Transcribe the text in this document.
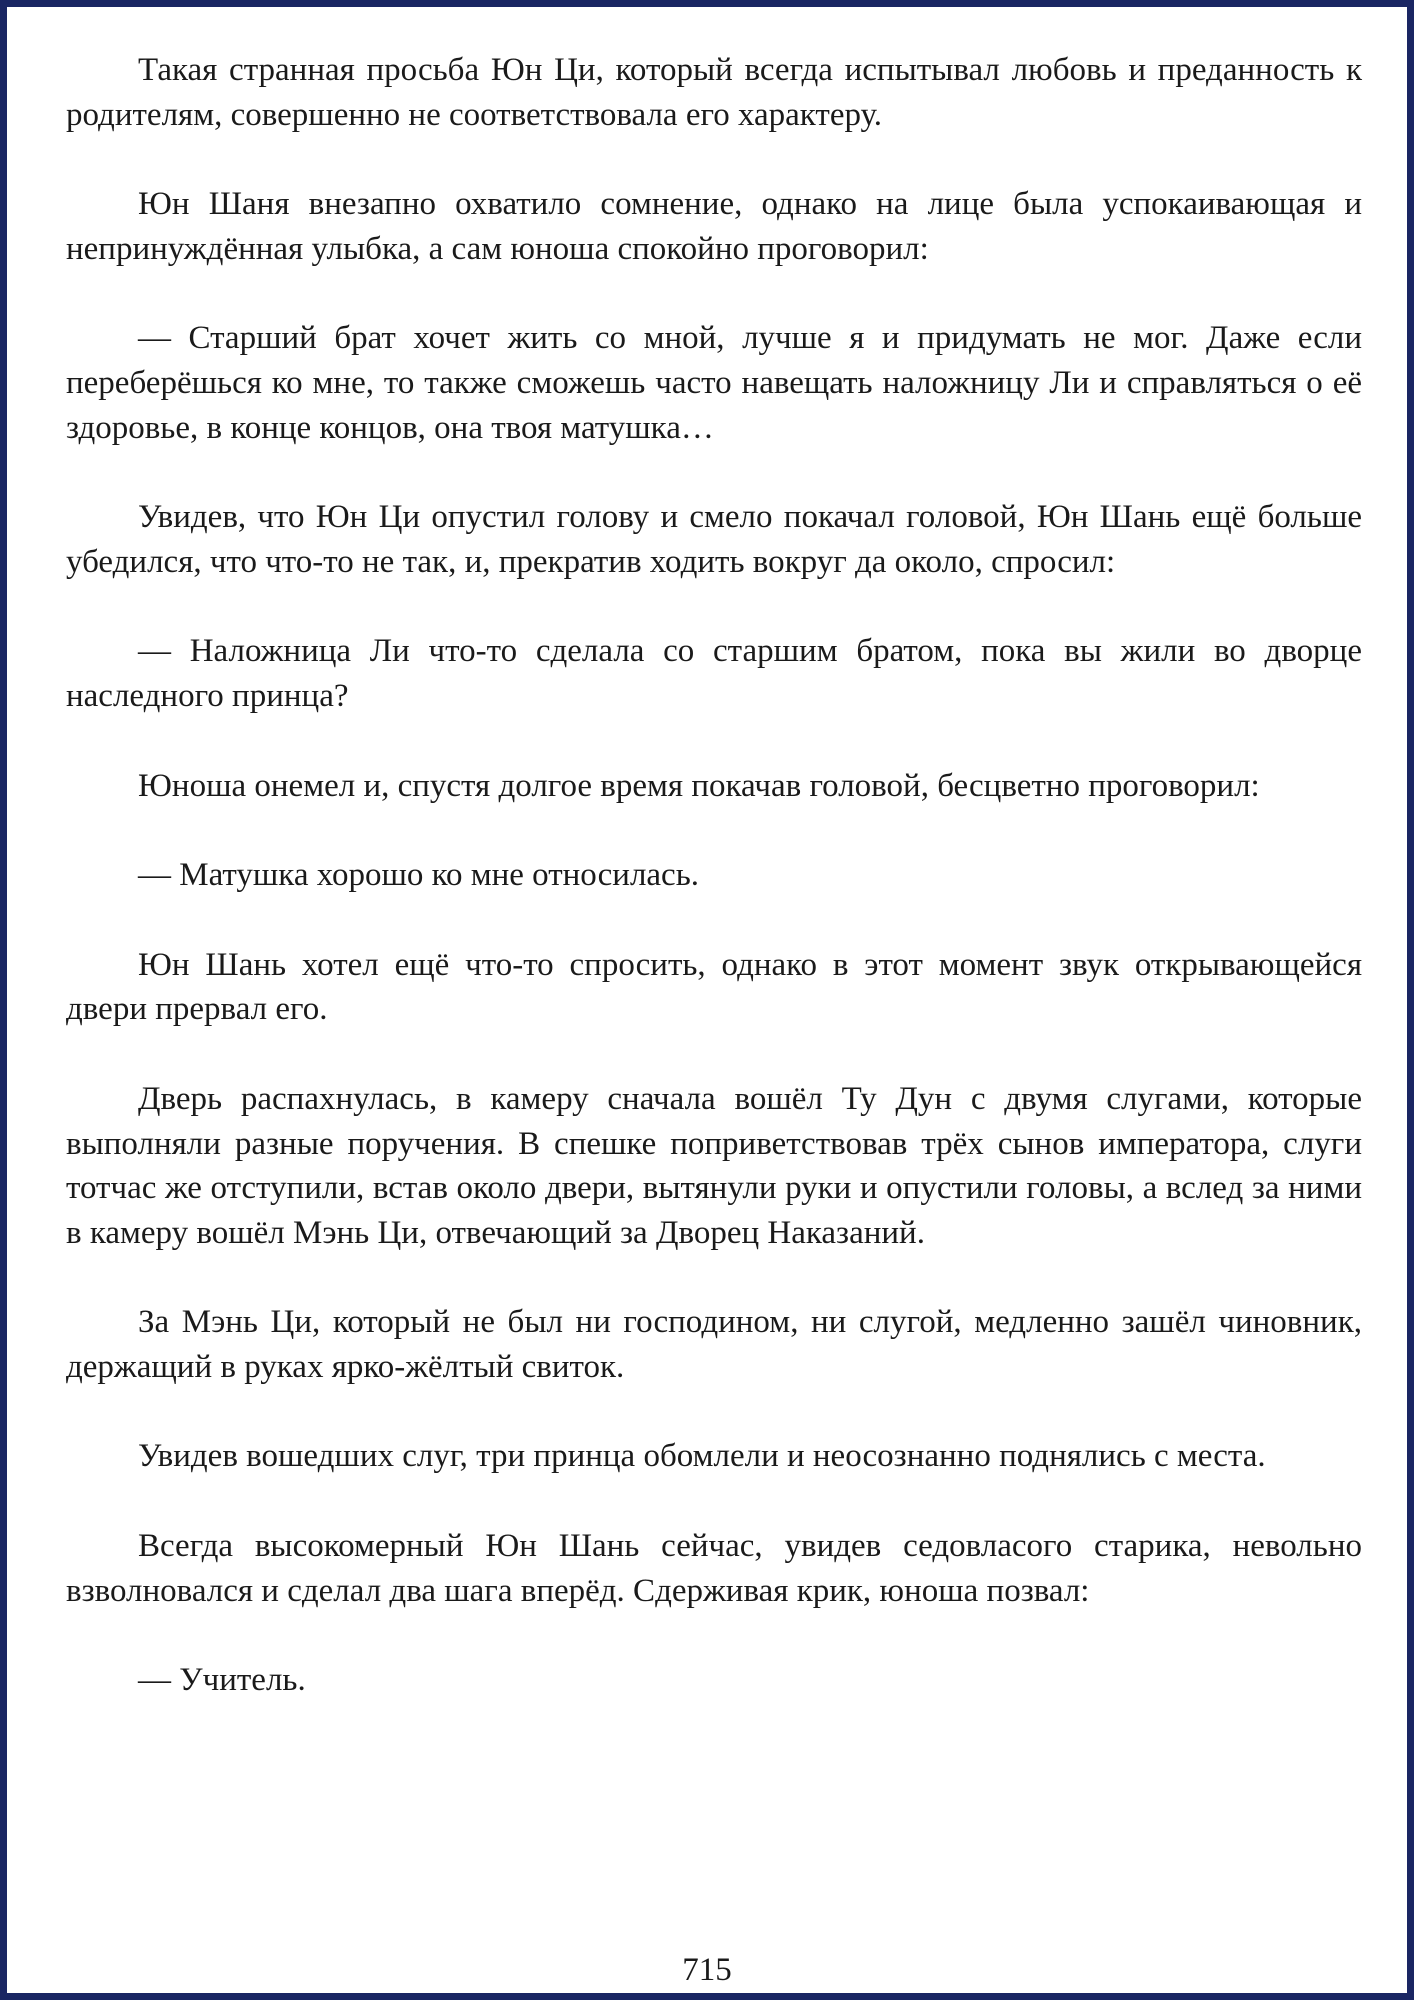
Такая странная просьба Юн Ци, который всегда испытывал любовь и преданность к родителям, совершенно не соответствовала его характеру.

Юн Шаня внезапно охватило сомнение, однако на лице была успокаивающая и непринуждённая улыбка, а сам юноша спокойно проговорил:

— Старший брат хочет жить со мной, лучше я и придумать не мог. Даже если переберёшься ко мне, то также сможешь часто навещать наложницу Ли и справляться о её здоровье, в конце концов, она твоя матушка…

Увидев, что Юн Ци опустил голову и смело покачал головой, Юн Шань ещё больше убедился, что что-то не так, и, прекратив ходить вокруг да около, спросил:

— Наложница Ли что-то сделала со старшим братом, пока вы жили во дворце наследного принца?

Юноша онемел и, спустя долгое время покачав головой, бесцветно проговорил:

— Матушка хорошо ко мне относилась.

Юн Шань хотел ещё что-то спросить, однако в этот момент звук открывающейся двери прервал его.

Дверь распахнулась, в камеру сначала вошёл Ту Дун с двумя слугами, которые выполняли разные поручения. В спешке поприветствовав трёх сынов императора, слуги тотчас же отступили, встав около двери, вытянули руки и опустили головы, а вслед за ними в камеру вошёл Мэнь Ци, отвечающий за Дворец Наказаний.

За Мэнь Ци, который не был ни господином, ни слугой, медленно зашёл чиновник, держащий в руках ярко-жёлтый свиток.

Увидев вошедших слуг, три принца обомлели и неосознанно поднялись с места.

Всегда высокомерный Юн Шань сейчас, увидев седовласого старика, невольно взволновался и сделал два шага вперёд. Сдерживая крик, юноша позвал:

— Учитель.

715
